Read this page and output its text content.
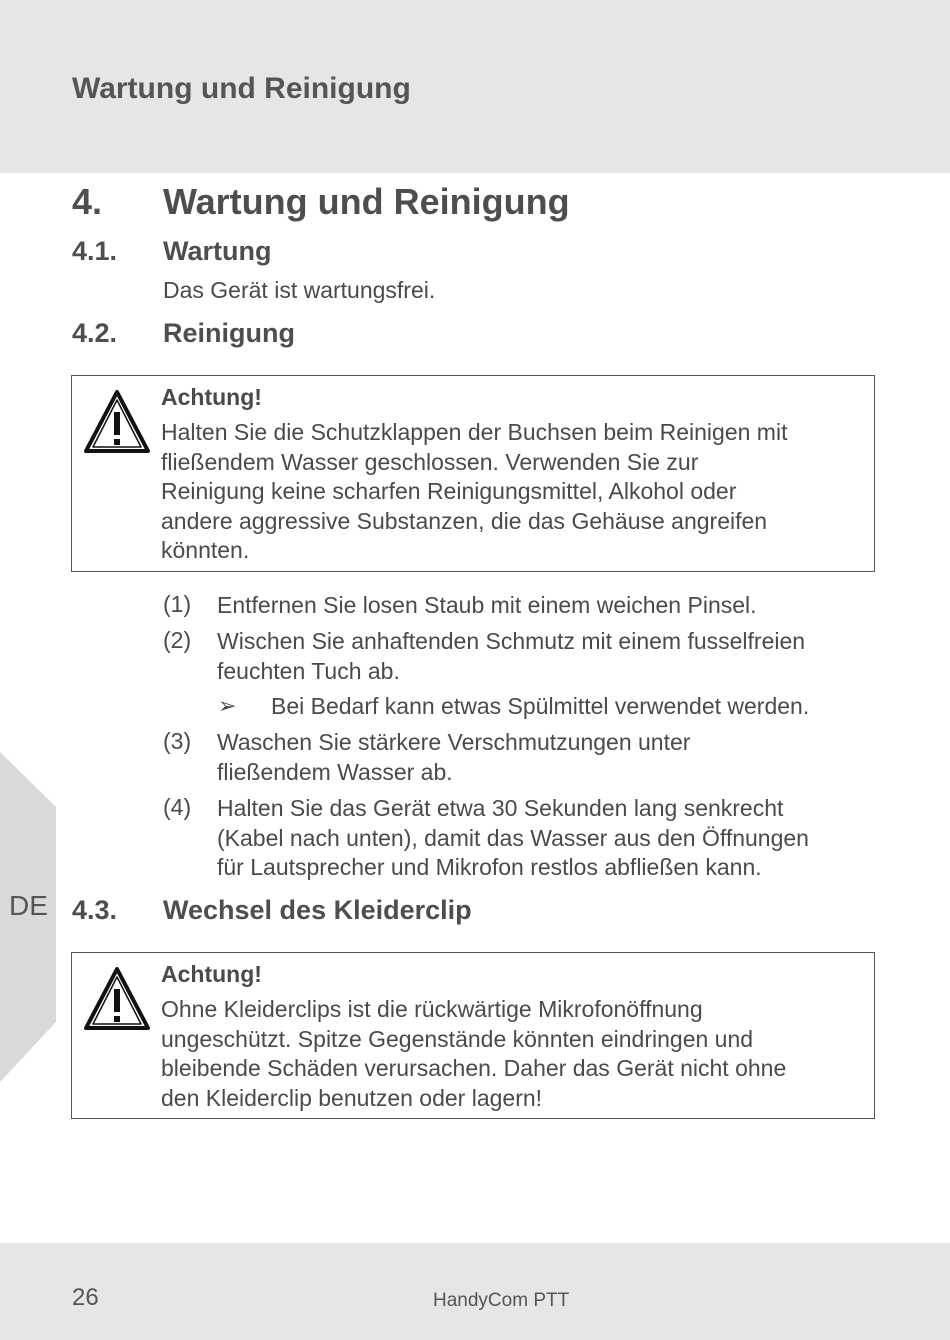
Wartung und Reinigung
DE
4. Wartung und Reinigung
4.1. Wartung
Das Gerät ist wartungsfrei.
4.2. Reinigung
Achtung!
Halten Sie die Schutzklappen der Buchsen beim Reinigen mit
fließendem Wasser geschlossen. Verwenden Sie zur
Reinigung keine scharfen Reinigungsmittel, Alkohol oder
andere aggressive Substanzen, die das Gehäuse angreifen
könnten.
(1) Entfernen Sie losen Staub mit einem weichen Pinsel.
(2) Wischen Sie anhaftenden Schmutz mit einem fusselfreien
feuchten Tuch ab.
➢ Bei Bedarf kann etwas Spülmittel verwendet werden.
(3) Waschen Sie stärkere Verschmutzungen unter
fließendem Wasser ab.
(4) Halten Sie das Gerät etwa 30 Sekunden lang senkrecht
(Kabel nach unten), damit das Wasser aus den Öffnungen
für Lautsprecher und Mikrofon restlos abfließen kann.
4.3. Wechsel des Kleiderclip
Achtung!
Ohne Kleiderclips ist die rückwärtige Mikrofonöffnung
ungeschützt. Spitze Gegenstände könnten eindringen und
bleibende Schäden verursachen. Daher das Gerät nicht ohne
den Kleiderclip benutzen oder lagern!
26	HandyCom PTT
